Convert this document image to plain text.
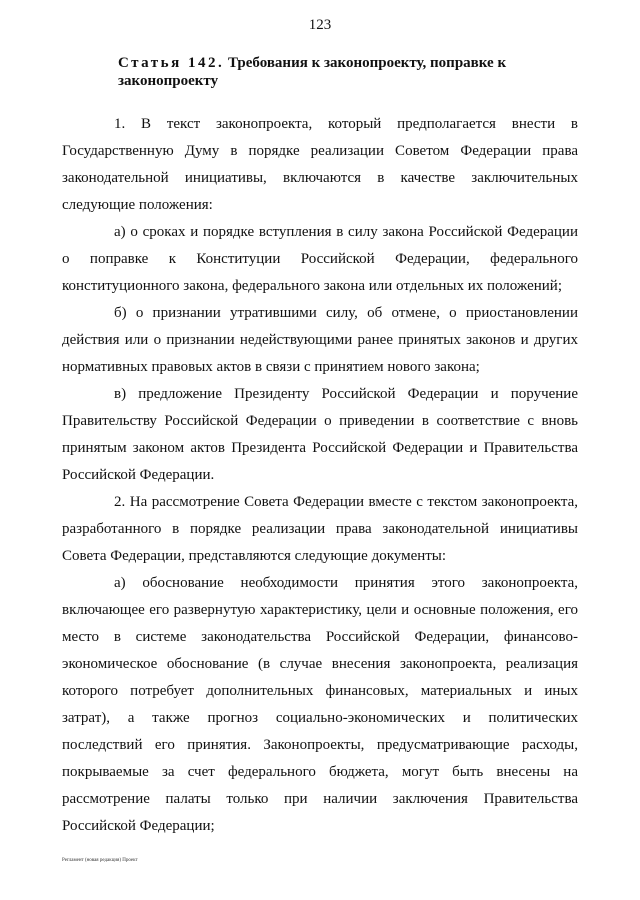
123
Статья 142. Требования к законопроекту, поправке к законопроекту

1. В текст законопроекта, который предполагается внести в Государственную Думу в порядке реализации Советом Федерации права законодательной инициативы, включаются в качестве заключительных следующие положения:

а) о сроках и порядке вступления в силу закона Российской Федерации о поправке к Конституции Российской Федерации, федерального конституционного закона, федерального закона или отдельных их положений;

б) о признании утратившими силу, об отмене, о приостановлении действия или о признании недействующими ранее принятых законов и других нормативных правовых актов в связи с принятием нового закона;

в) предложение Президенту Российской Федерации и поручение Правительству Российской Федерации о приведении в соответствие с вновь принятым законом актов Президента Российской Федерации и Правительства Российской Федерации.

2. На рассмотрение Совета Федерации вместе с текстом законопроекта, разработанного в порядке реализации права законодательной инициативы Совета Федерации, представляются следующие документы:

а) обоснование необходимости принятия этого законопроекта, включающее его развернутую характеристику, цели и основные положения, его место в системе законодательства Российской Федерации, финансово-экономическое обоснование (в случае внесения законопроекта, реализация которого потребует дополнительных финансовых, материальных и иных затрат), а также прогноз социально-экономических и политических последствий его принятия. Законопроекты, предусматривающие расходы, покрываемые за счет федерального бюджета, могут быть внесены на рассмотрение палаты только при наличии заключения Правительства Российской Федерации;

Регламент (новая редакция) Проект
